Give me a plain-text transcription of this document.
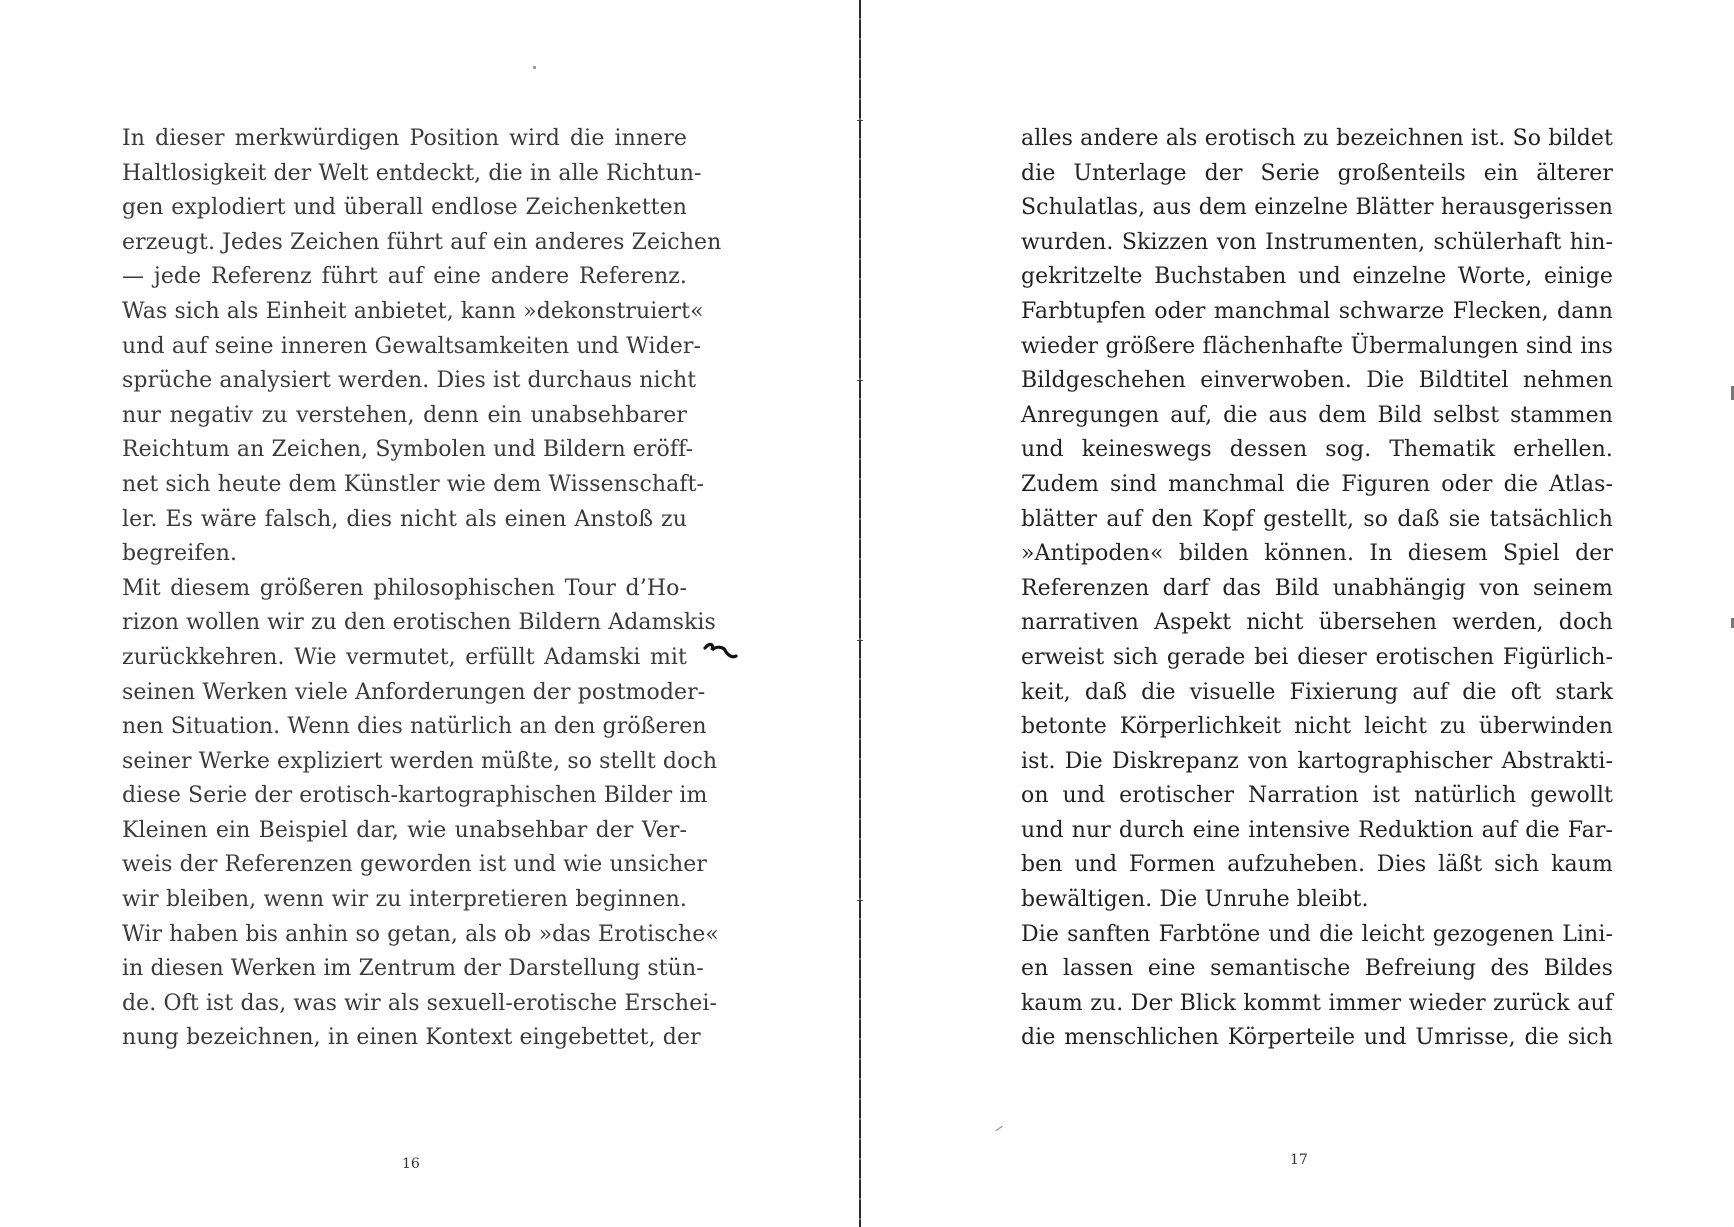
In dieser merkwürdigen Position wird die innere
Haltlosigkeit der Welt entdeckt, die in alle Richtun-
gen explodiert und überall endlose Zeichenketten
erzeugt. Jedes Zeichen führt auf ein anderes Zeichen
— jede Referenz führt auf eine andere Referenz.
Was sich als Einheit anbietet, kann »dekonstruiert«
und auf seine inneren Gewaltsamkeiten und Wider-
sprüche analysiert werden. Dies ist durchaus nicht
nur negativ zu verstehen, denn ein unabsehbarer
Reichtum an Zeichen, Symbolen und Bildern eröff-
net sich heute dem Künstler wie dem Wissenschaft-
ler. Es wäre falsch, dies nicht als einen Anstoß zu
begreifen.
Mit diesem größeren philosophischen Tour d’Ho-
rizon wollen wir zu den erotischen Bildern Adamskis
zurückkehren. Wie vermutet, erfüllt Adamski mit
seinen Werken viele Anforderungen der postmoder-
nen Situation. Wenn dies natürlich an den größeren
seiner Werke expliziert werden müßte, so stellt doch
diese Serie der erotisch-kartographischen Bilder im
Kleinen ein Beispiel dar, wie unabsehbar der Ver-
weis der Referenzen geworden ist und wie unsicher
wir bleiben, wenn wir zu interpretieren beginnen.
Wir haben bis anhin so getan, als ob »das Erotische«
in diesen Werken im Zentrum der Darstellung stün-
de. Oft ist das, was wir als sexuell-erotische Erschei-
nung bezeichnen, in einen Kontext eingebettet, der
16
alles andere als erotisch zu bezeichnen ist. So bildet
die Unterlage der Serie großenteils ein älterer
Schulatlas, aus dem einzelne Blätter herausgerissen
wurden. Skizzen von Instrumenten, schülerhaft hin-
gekritzelte Buchstaben und einzelne Worte, einige
Farbtupfen oder manchmal schwarze Flecken, dann
wieder größere flächenhafte Übermalungen sind ins
Bildgeschehen einverwoben. Die Bildtitel nehmen
Anregungen auf, die aus dem Bild selbst stammen
und keineswegs dessen sog. Thematik erhellen.
Zudem sind manchmal die Figuren oder die Atlas-
blätter auf den Kopf gestellt, so daß sie tatsächlich
»Antipoden« bilden können. In diesem Spiel der
Referenzen darf das Bild unabhängig von seinem
narrativen Aspekt nicht übersehen werden, doch
erweist sich gerade bei dieser erotischen Figürlich-
keit, daß die visuelle Fixierung auf die oft stark
betonte Körperlichkeit nicht leicht zu überwinden
ist. Die Diskrepanz von kartographischer Abstrakti-
on und erotischer Narration ist natürlich gewollt
und nur durch eine intensive Reduktion auf die Far-
ben und Formen aufzuheben. Dies läßt sich kaum
bewältigen. Die Unruhe bleibt.
Die sanften Farbtöne und die leicht gezogenen Lini-
en lassen eine semantische Befreiung des Bildes
kaum zu. Der Blick kommt immer wieder zurück auf
die menschlichen Körperteile und Umrisse, die sich
17
